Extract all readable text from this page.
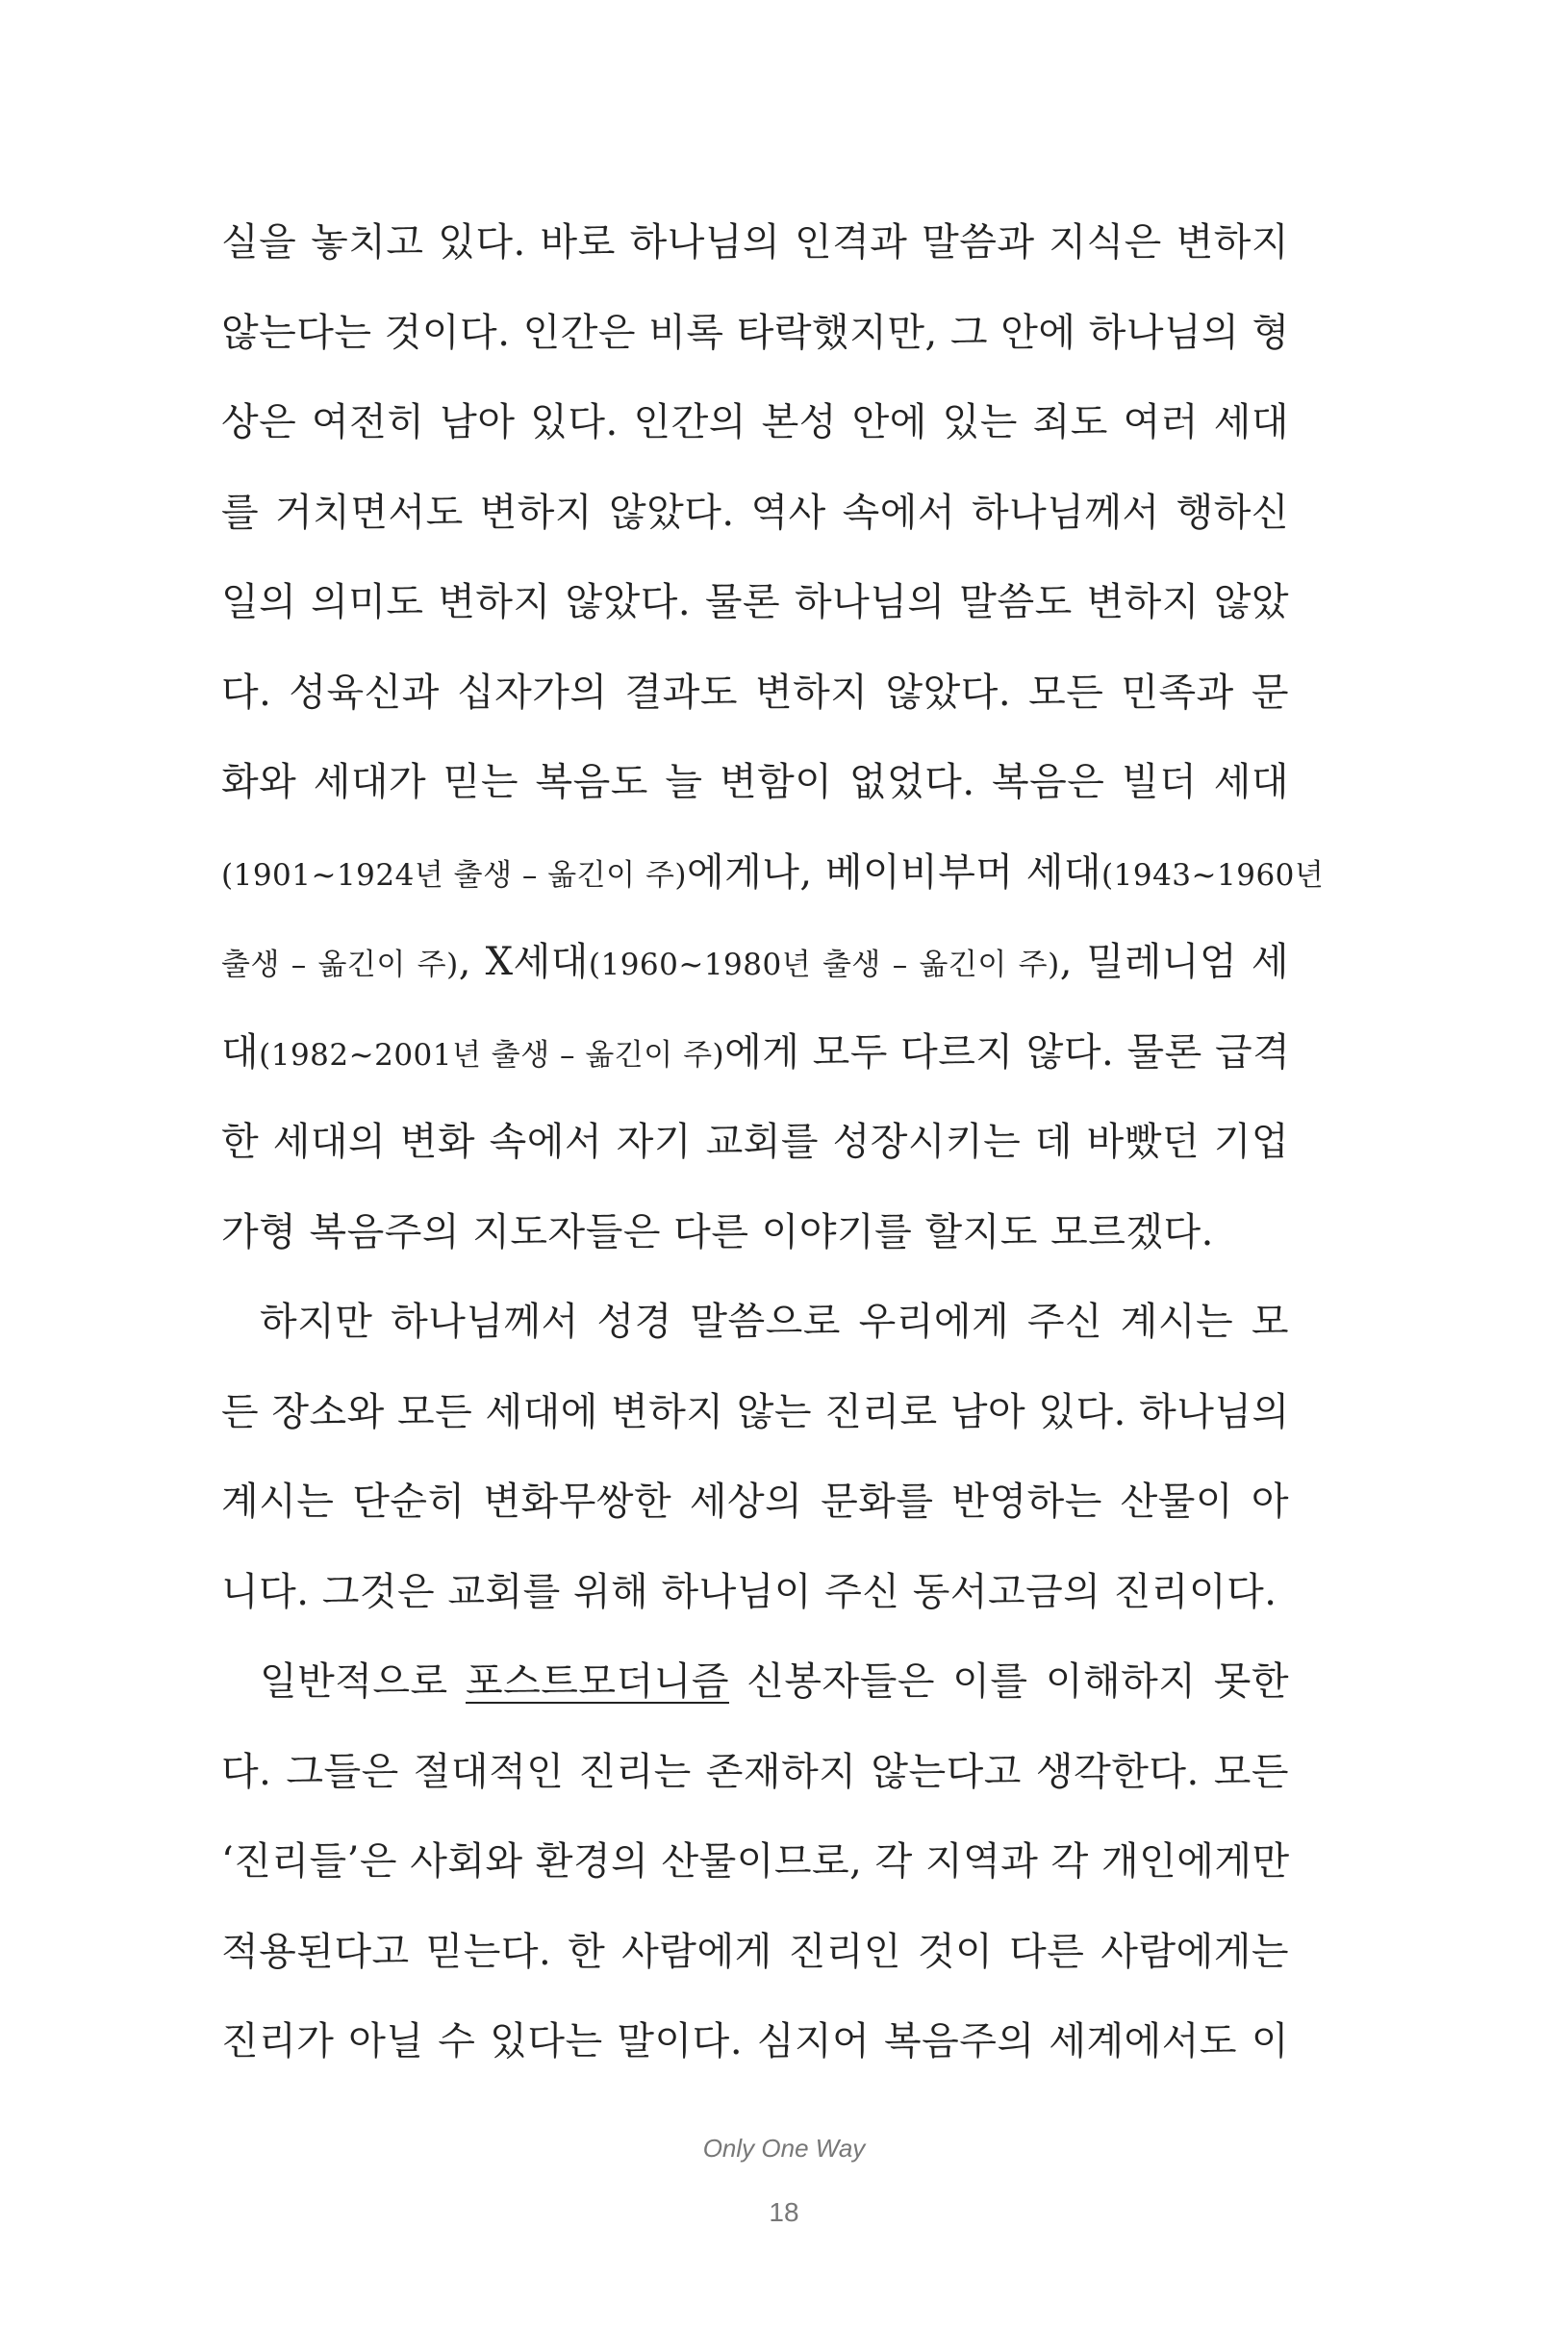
실을 놓치고 있다. 바로 하나님의 인격과 말씀과 지식은 변하지
않는다는 것이다. 인간은 비록 타락했지만, 그 안에 하나님의 형
상은 여전히 남아 있다. 인간의 본성 안에 있는 죄도 여러 세대
를 거치면서도 변하지 않았다. 역사 속에서 하나님께서 행하신
일의 의미도 변하지 않았다. 물론 하나님의 말씀도 변하지 않았
다. 성육신과 십자가의 결과도 변하지 않았다. 모든 민족과 문
화와 세대가 믿는 복음도 늘 변함이 없었다. 복음은 빌더 세대
(1901~1924년 출생 – 옮긴이 주)에게나, 베이비부머 세대(1943~1960년
출생 – 옮긴이 주), X세대(1960~1980년 출생 – 옮긴이 주), 밀레니엄 세
대(1982~2001년 출생 – 옮긴이 주)에게 모두 다르지 않다. 물론 급격
한 세대의 변화 속에서 자기 교회를 성장시키는 데 바빴던 기업
가형 복음주의 지도자들은 다른 이야기를 할지도 모르겠다.
하지만 하나님께서 성경 말씀으로 우리에게 주신 계시는 모
든 장소와 모든 세대에 변하지 않는 진리로 남아 있다. 하나님의
계시는 단순히 변화무쌍한 세상의 문화를 반영하는 산물이 아
니다. 그것은 교회를 위해 하나님이 주신 동서고금의 진리이다.
일반적으로 포스트모더니즘 신봉자들은 이를 이해하지 못한
다. 그들은 절대적인 진리는 존재하지 않는다고 생각한다. 모든
‘진리들’은 사회와 환경의 산물이므로, 각 지역과 각 개인에게만
적용된다고 믿는다. 한 사람에게 진리인 것이 다른 사람에게는
진리가 아닐 수 있다는 말이다. 심지어 복음주의 세계에서도 이
Only One Way
18
